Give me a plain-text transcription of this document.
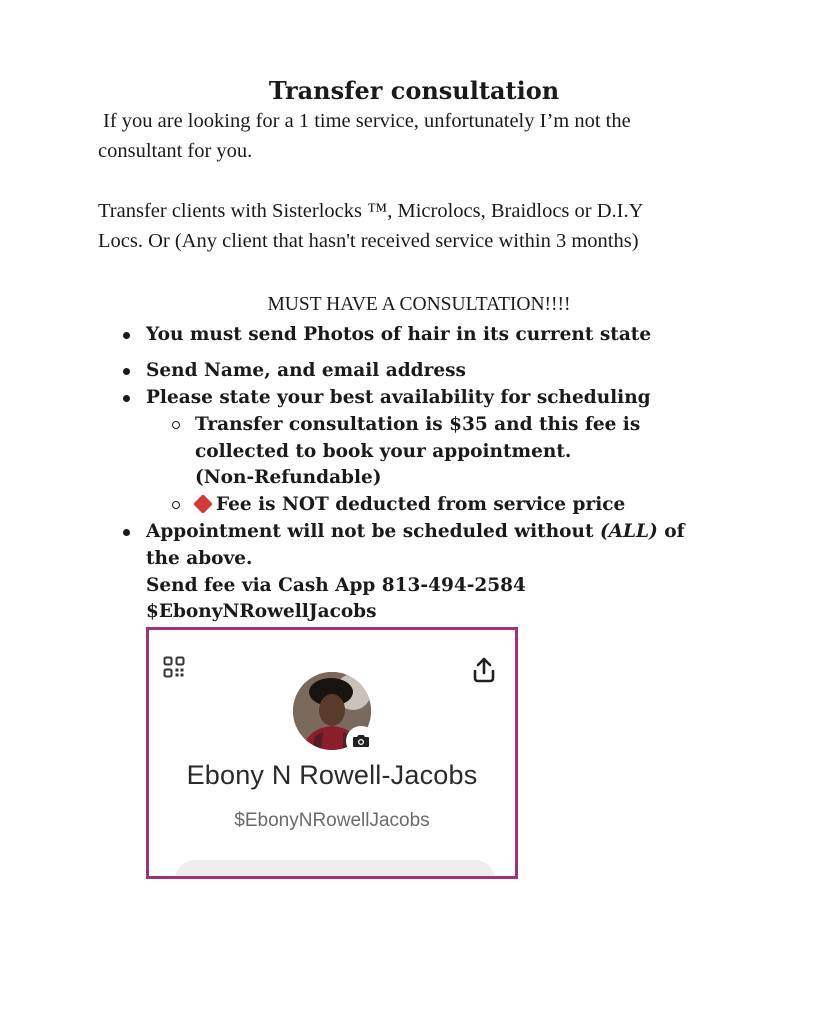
Transfer consultation
If you are looking for a 1 time service, unfortunately I’m not the
consultant for you.
Transfer clients with Sisterlocks ™, Microlocs, Braidlocs or D.I.Y
Locs. Or (Any client that hasn't received service within 3 months)
MUST HAVE A CONSULTATION!!!!
You must send Photos of hair in its current state
Send Name, and email address
Please state your best availability for scheduling
Transfer consultation is $35 and this fee is
collected to book your appointment.
(Non-Refundable)
Fee is NOT deducted from service price
Appointment will not be scheduled without (ALL) of
the above.
Send fee via Cash App 813-494-2584
$EbonyNRowellJacobs
Ebony N Rowell-Jacobs
$EbonyNRowellJacobs
